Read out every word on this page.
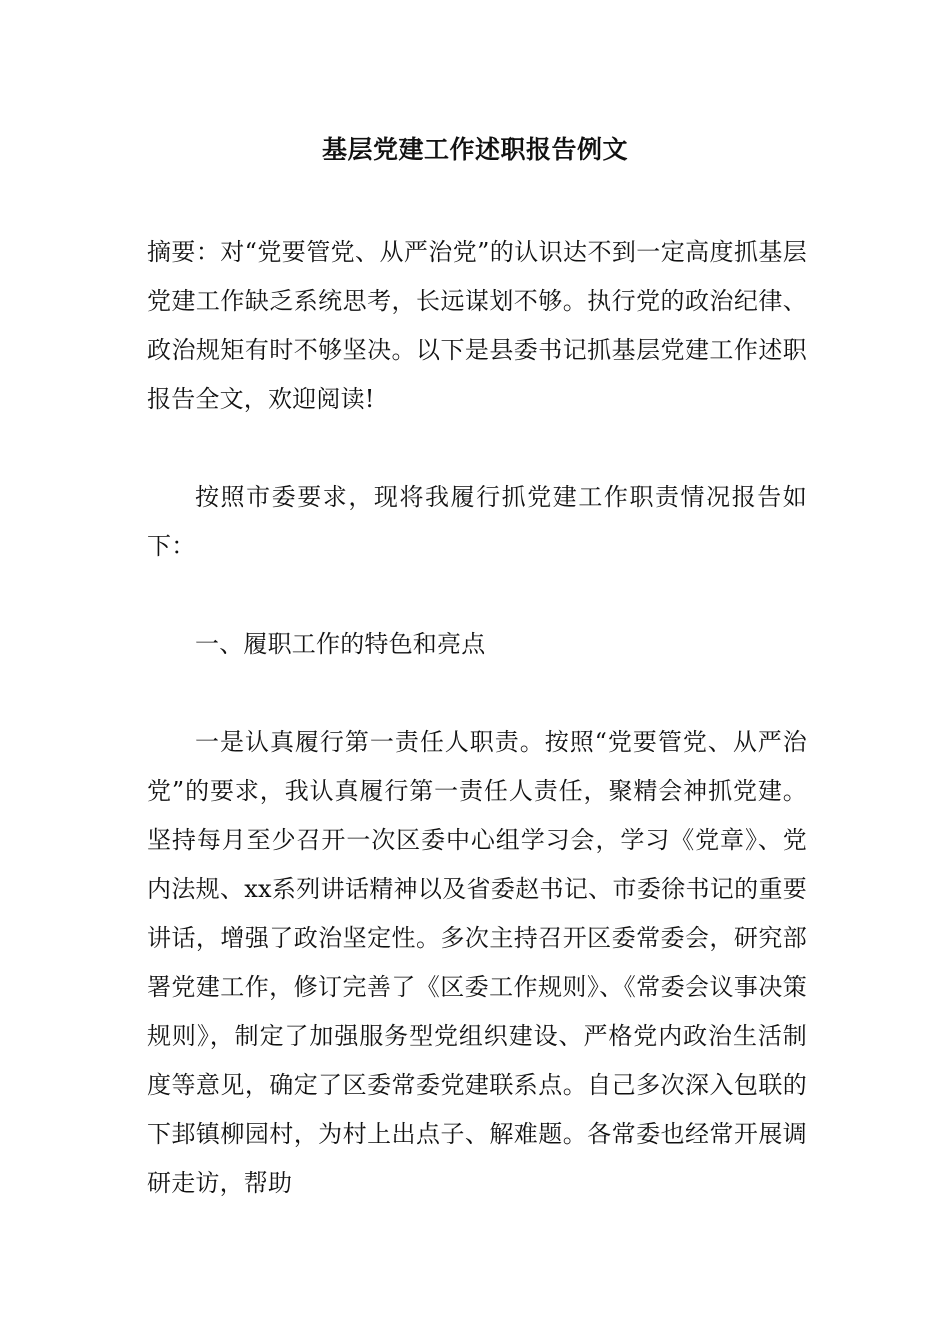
基层党建工作述职报告例文

摘要：对“党要管党、从严治党”的认识达不到一定高度抓基层党建工作缺乏系统思考，长远谋划不够。执行党的政治纪律、政治规矩有时不够坚决。以下是县委书记抓基层党建工作述职报告全文，欢迎阅读!

按照市委要求，现将我履行抓党建工作职责情况报告如下：

一、履职工作的特色和亮点

一是认真履行第一责任人职责。按照“党要管党、从严治党”的要求，我认真履行第一责任人责任，聚精会神抓党建。坚持每月至少召开一次区委中心组学习会，学习《党章》、党内法规、xx系列讲话精神以及省委赵书记、市委徐书记的重要讲话，增强了政治坚定性。多次主持召开区委常委会，研究部署党建工作，修订完善了《区委工作规则》、《常委会议事决策规则》，制定了加强服务型党组织建设、严格党内政治生活制度等意见，确定了区委常委党建联系点。自己多次深入包联的下邽镇柳园村，为村上出点子、解难题。各常委也经常开展调研走访，帮助
